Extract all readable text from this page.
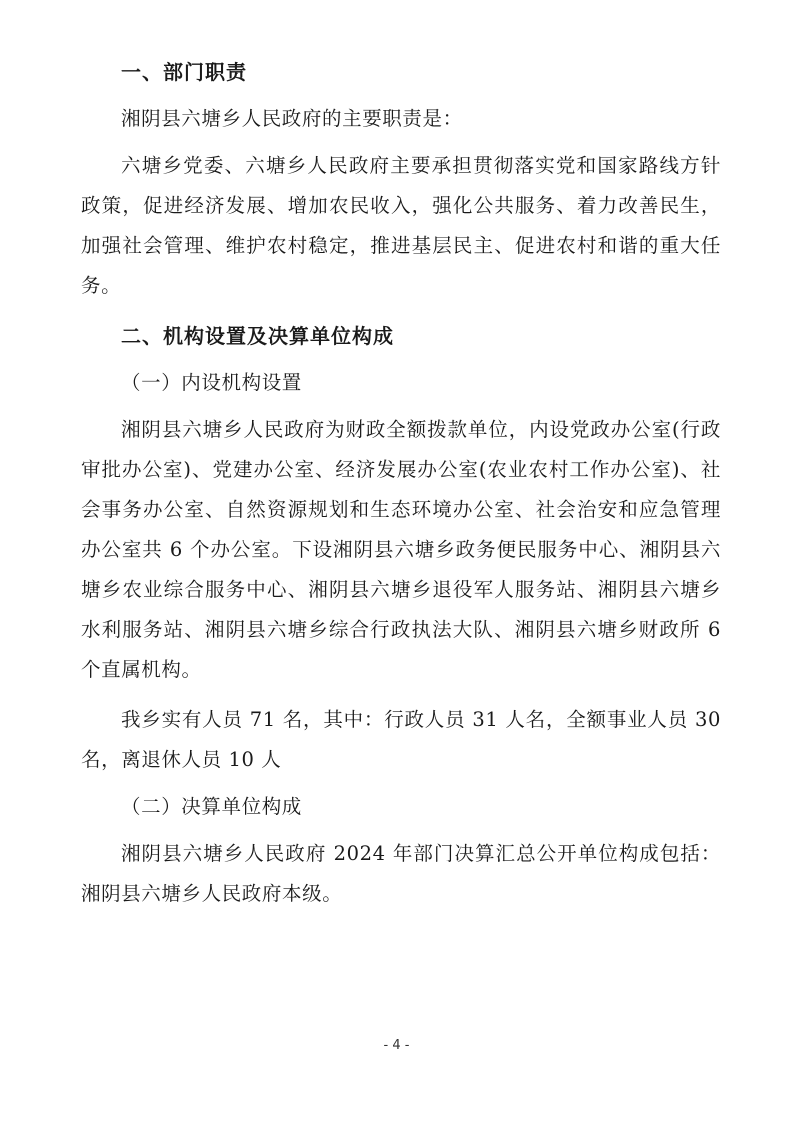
一、部门职责

湘阴县六塘乡人民政府的主要职责是：

六塘乡党委、六塘乡人民政府主要承担贯彻落实党和国家路线方针政策，促进经济发展、增加农民收入，强化公共服务、着力改善民生，加强社会管理、维护农村稳定，推进基层民主、促进农村和谐的重大任务。

二、机构设置及决算单位构成

（一）内设机构设置

湘阴县六塘乡人民政府为财政全额拨款单位，内设党政办公室(行政审批办公室)、党建办公室、经济发展办公室(农业农村工作办公室)、社会事务办公室、自然资源规划和生态环境办公室、社会治安和应急管理办公室共 6 个办公室。下设湘阴县六塘乡政务便民服务中心、湘阴县六塘乡农业综合服务中心、湘阴县六塘乡退役军人服务站、湘阴县六塘乡水利服务站、湘阴县六塘乡综合行政执法大队、湘阴县六塘乡财政所 6 个直属机构。

我乡实有人员 71 名，其中：行政人员 31 人名，全额事业人员 30 名，离退休人员 10 人

（二）决算单位构成

湘阴县六塘乡人民政府 2024 年部门决算汇总公开单位构成包括：湘阴县六塘乡人民政府本级。

- 4 -
